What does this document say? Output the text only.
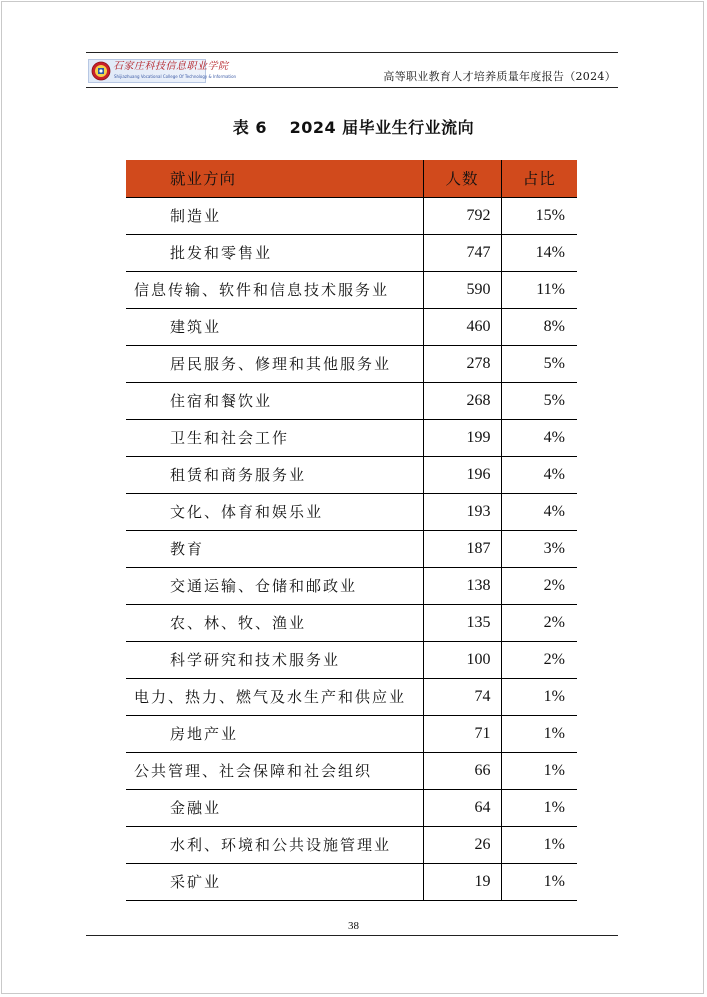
石家庄科技信息职业学院
Shijiazhuang Vocational College Of Technology & Information	高等职业教育人才培养质量年度报告（2024）
表 6　 2024 届毕业生行业流向
就业方向	人数	占比
制造业	792	15%
批发和零售业	747	14%
信息传输、软件和信息技术服务业	590	11%
建筑业	460	8%
居民服务、修理和其他服务业	278	5%
住宿和餐饮业	268	5%
卫生和社会工作	199	4%
租赁和商务服务业	196	4%
文化、体育和娱乐业	193	4%
教育	187	3%
交通运输、仓储和邮政业	138	2%
农、林、牧、渔业	135	2%
科学研究和技术服务业	100	2%
电力、热力、燃气及水生产和供应业	74	1%
房地产业	71	1%
公共管理、社会保障和社会组织	66	1%
金融业	64	1%
水利、环境和公共设施管理业	26	1%
采矿业	19	1%
38
